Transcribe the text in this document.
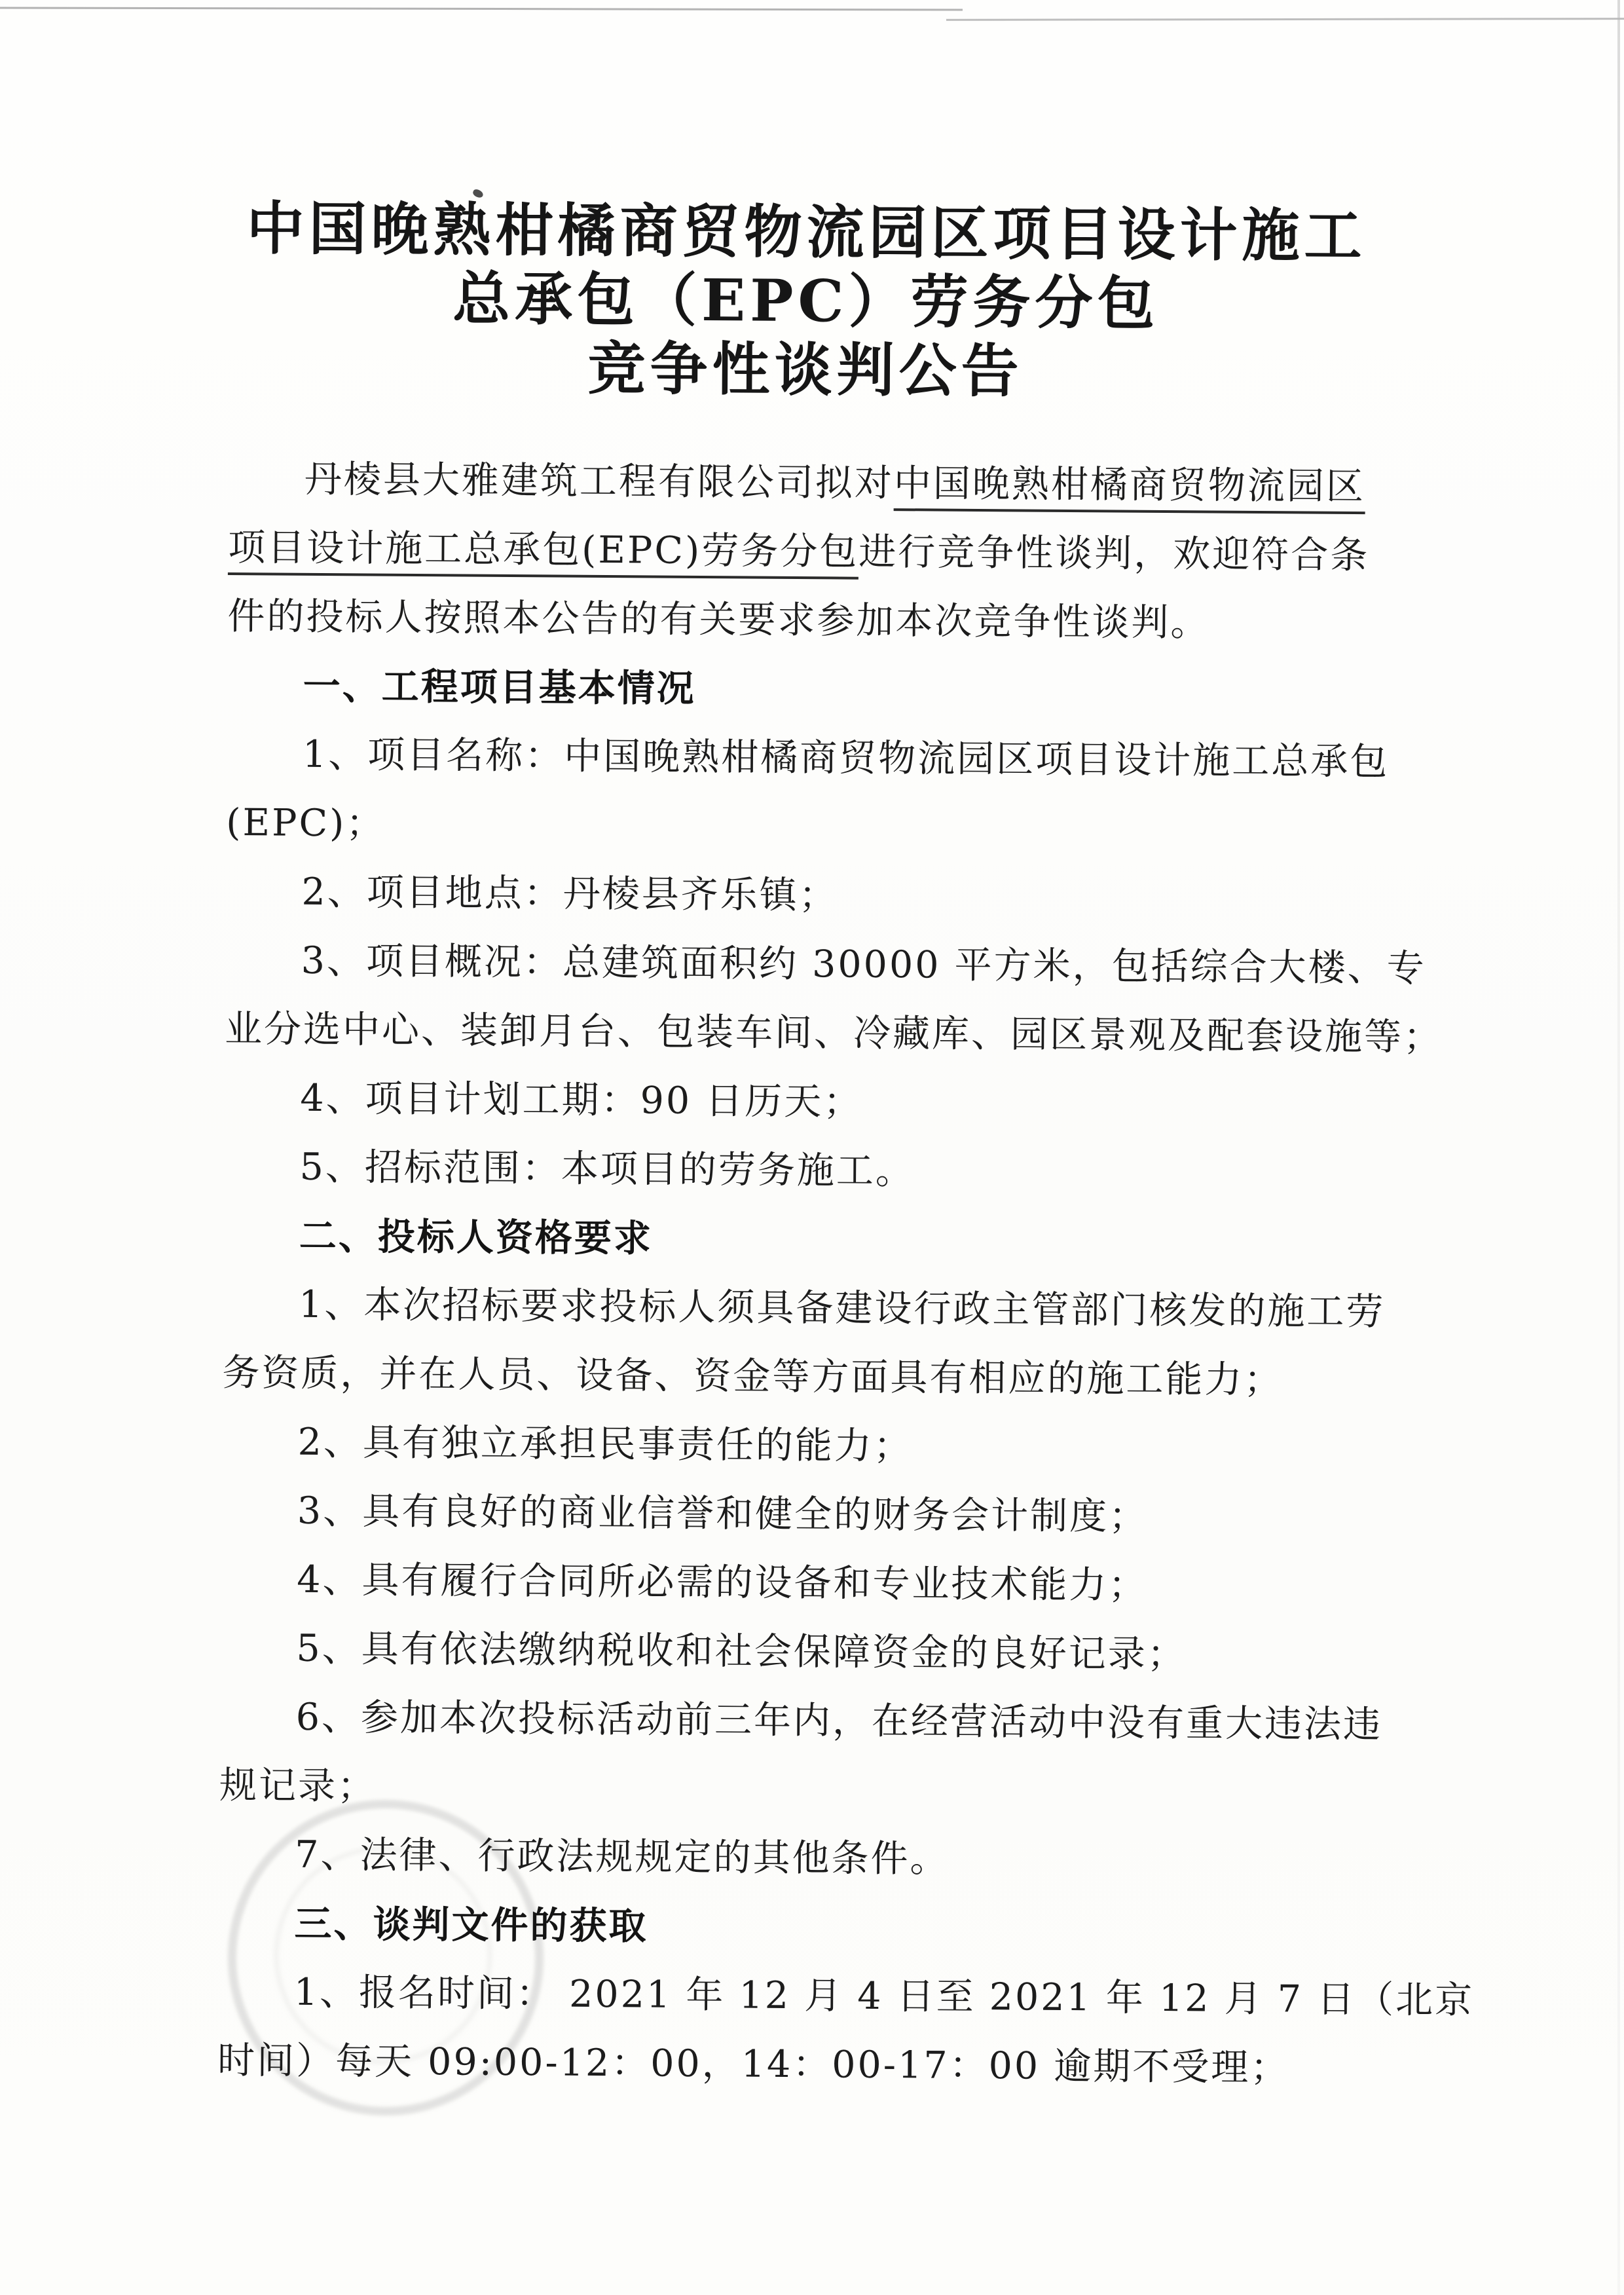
中国晚熟柑橘商贸物流园区项目设计施工
总承包（EPC）劳务分包
竞争性谈判公告
丹棱县大雅建筑工程有限公司拟对中国晚熟柑橘商贸物流园区
项目设计施工总承包(EPC)劳务分包进行竞争性谈判，欢迎符合条
件的投标人按照本公告的有关要求参加本次竞争性谈判。
一、工程项目基本情况
1、项目名称：中国晚熟柑橘商贸物流园区项目设计施工总承包
(EPC)；
2、项目地点：丹棱县齐乐镇；
3、项目概况：总建筑面积约 30000 平方米，包括综合大楼、专
业分选中心、装卸月台、包装车间、冷藏库、园区景观及配套设施等；
4、项目计划工期：90 日历天；
5、招标范围：本项目的劳务施工。
二、投标人资格要求
1、本次招标要求投标人须具备建设行政主管部门核发的施工劳
务资质，并在人员、设备、资金等方面具有相应的施工能力；
2、具有独立承担民事责任的能力；
3、具有良好的商业信誉和健全的财务会计制度；
4、具有履行合同所必需的设备和专业技术能力；
5、具有依法缴纳税收和社会保障资金的良好记录；
6、参加本次投标活动前三年内，在经营活动中没有重大违法违
规记录；
7、法律、行政法规规定的其他条件。
三、谈判文件的获取
1、报名时间： 2021 年 12 月 4 日至 2021 年 12 月 7 日（北京
时间）每天 09:00-12：00，14：00-17：00 逾期不受理；
